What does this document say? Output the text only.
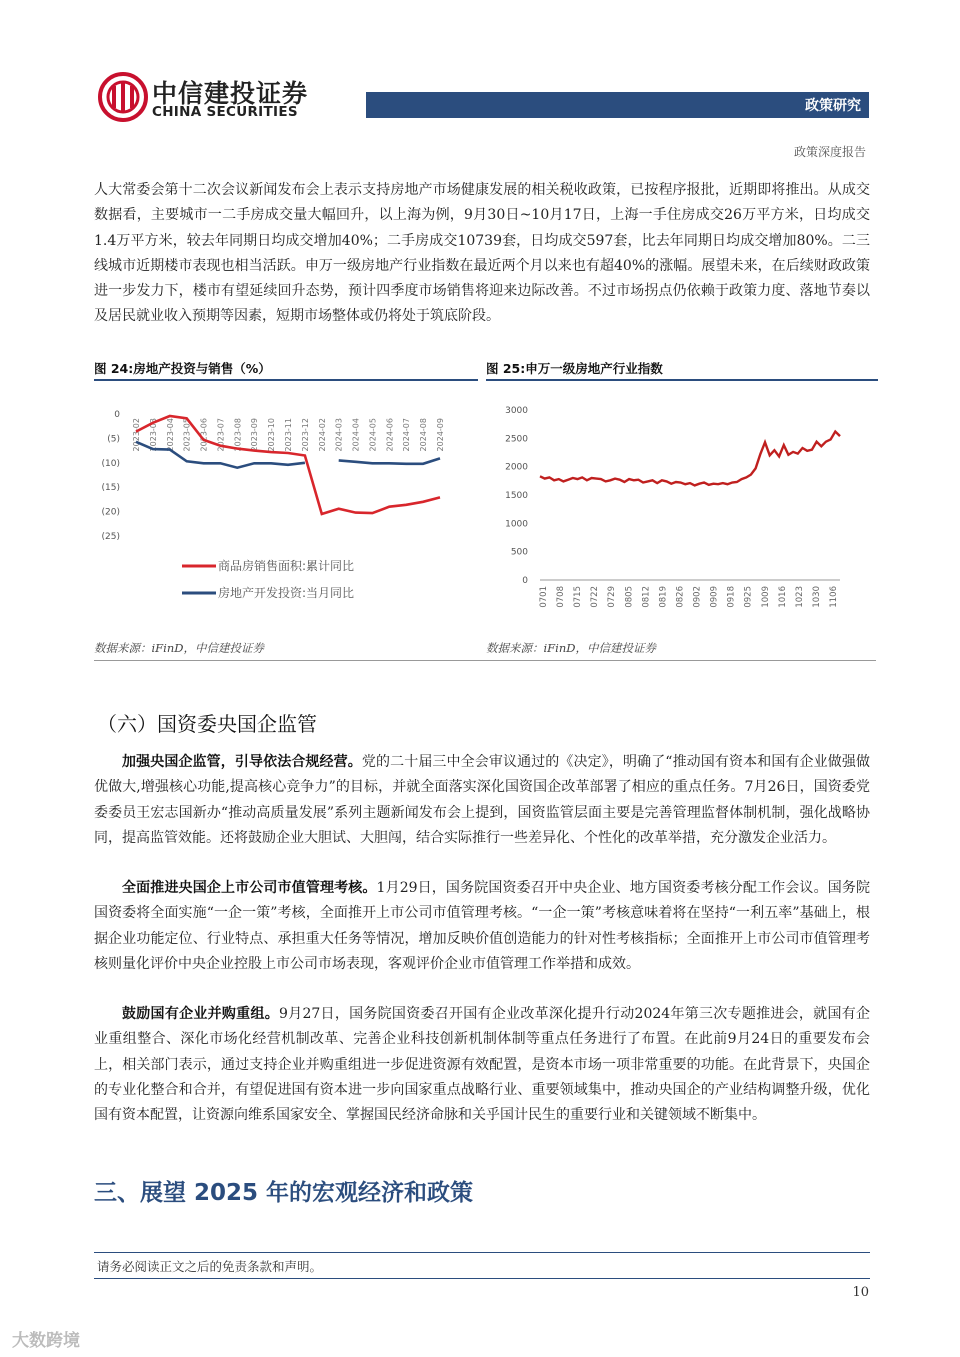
中信建投证券
CHINA SECURITIES	政策研究
政策深度报告
人大常委会第十二次会议新闻发布会上表示支持房地产市场健康发展的相关税收政策，已按程序报批，近期即将推出。从成交数据看，主要城市一二手房成交量大幅回升，以上海为例，9月30日~10月17日，上海一手住房成交26万平方米，日均成交1.4万平方米，较去年同期日均成交增加40%；二手房成交10739套，日均成交597套，比去年同期日均成交增加80%。二三线城市近期楼市表现也相当活跃。申万一级房地产行业指数在最近两个月以来也有超40%的涨幅。展望未来，在后续财政政策进一步发力下，楼市有望延续回升态势，预计四季度市场销售将迎来边际改善。不过市场拐点仍依赖于政策力度、落地节奏以及居民就业收入预期等因素，短期市场整体或仍将处于筑底阶段。
图 24:房地产投资与销售（%）	图 25:申万一级房地产行业指数
0
(5)
(10)
(15)
(20)
(25)
2023-02 2023-03 2023-04 2023-05 2023-06 2023-07 2023-08 2023-09 2023-10 2023-11 2023-12 2024-02 2024-03 2024-04 2024-05 2024-06 2024-07 2024-08 2024-09
商品房销售面积:累计同比
房地产开发投资:当月同比
3000
2500
2000
1500
1000
500
0
0701 0708 0715 0722 0729 0805 0812 0819 0826 0902 0909 0918 0925 1009 1016 1023 1030 1106
数据来源：iFinD，中信建投证券	数据来源：iFinD，中信建投证券
（六）国资委央国企监管
加强央国企监管，引导依法合规经营。党的二十届三中全会审议通过的《决定》，明确了“推动国有资本和国有企业做强做优做大,增强核心功能,提高核心竞争力”的目标，并就全面落实深化国资国企改革部署了相应的重点任务。7月26日，国资委党委委员王宏志国新办“推动高质量发展”系列主题新闻发布会上提到，国资监管层面主要是完善管理监督体制机制，强化战略协同，提高监管效能。还将鼓励企业大胆试、大胆闯，结合实际推行一些差异化、个性化的改革举措，充分激发企业活力。
全面推进央国企上市公司市值管理考核。1月29日，国务院国资委召开中央企业、地方国资委考核分配工作会议。国务院国资委将全面实施“一企一策”考核，全面推开上市公司市值管理考核。“一企一策”考核意味着将在坚持“一利五率”基础上，根据企业功能定位、行业特点、承担重大任务等情况，增加反映价值创造能力的针对性考核指标；全面推开上市公司市值管理考核则量化评价中央企业控股上市公司市场表现，客观评价企业市值管理工作举措和成效。
鼓励国有企业并购重组。9月27日，国务院国资委召开国有企业改革深化提升行动2024年第三次专题推进会，就国有企业重组整合、深化市场化经营机制改革、完善企业科技创新机制体制等重点任务进行了布置。在此前9月24日的重要发布会上，相关部门表示，通过支持企业并购重组进一步促进资源有效配置，是资本市场一项非常重要的功能。在此背景下，央国企的专业化整合和合并，有望促进国有资本进一步向国家重点战略行业、重要领域集中，推动央国企的产业结构调整升级，优化国有资本配置，让资源向维系国家安全、掌握国民经济命脉和关乎国计民生的重要行业和关键领域不断集中。
三、展望 2025 年的宏观经济和政策
请务必阅读正文之后的免责条款和声明。
10
大数跨境
